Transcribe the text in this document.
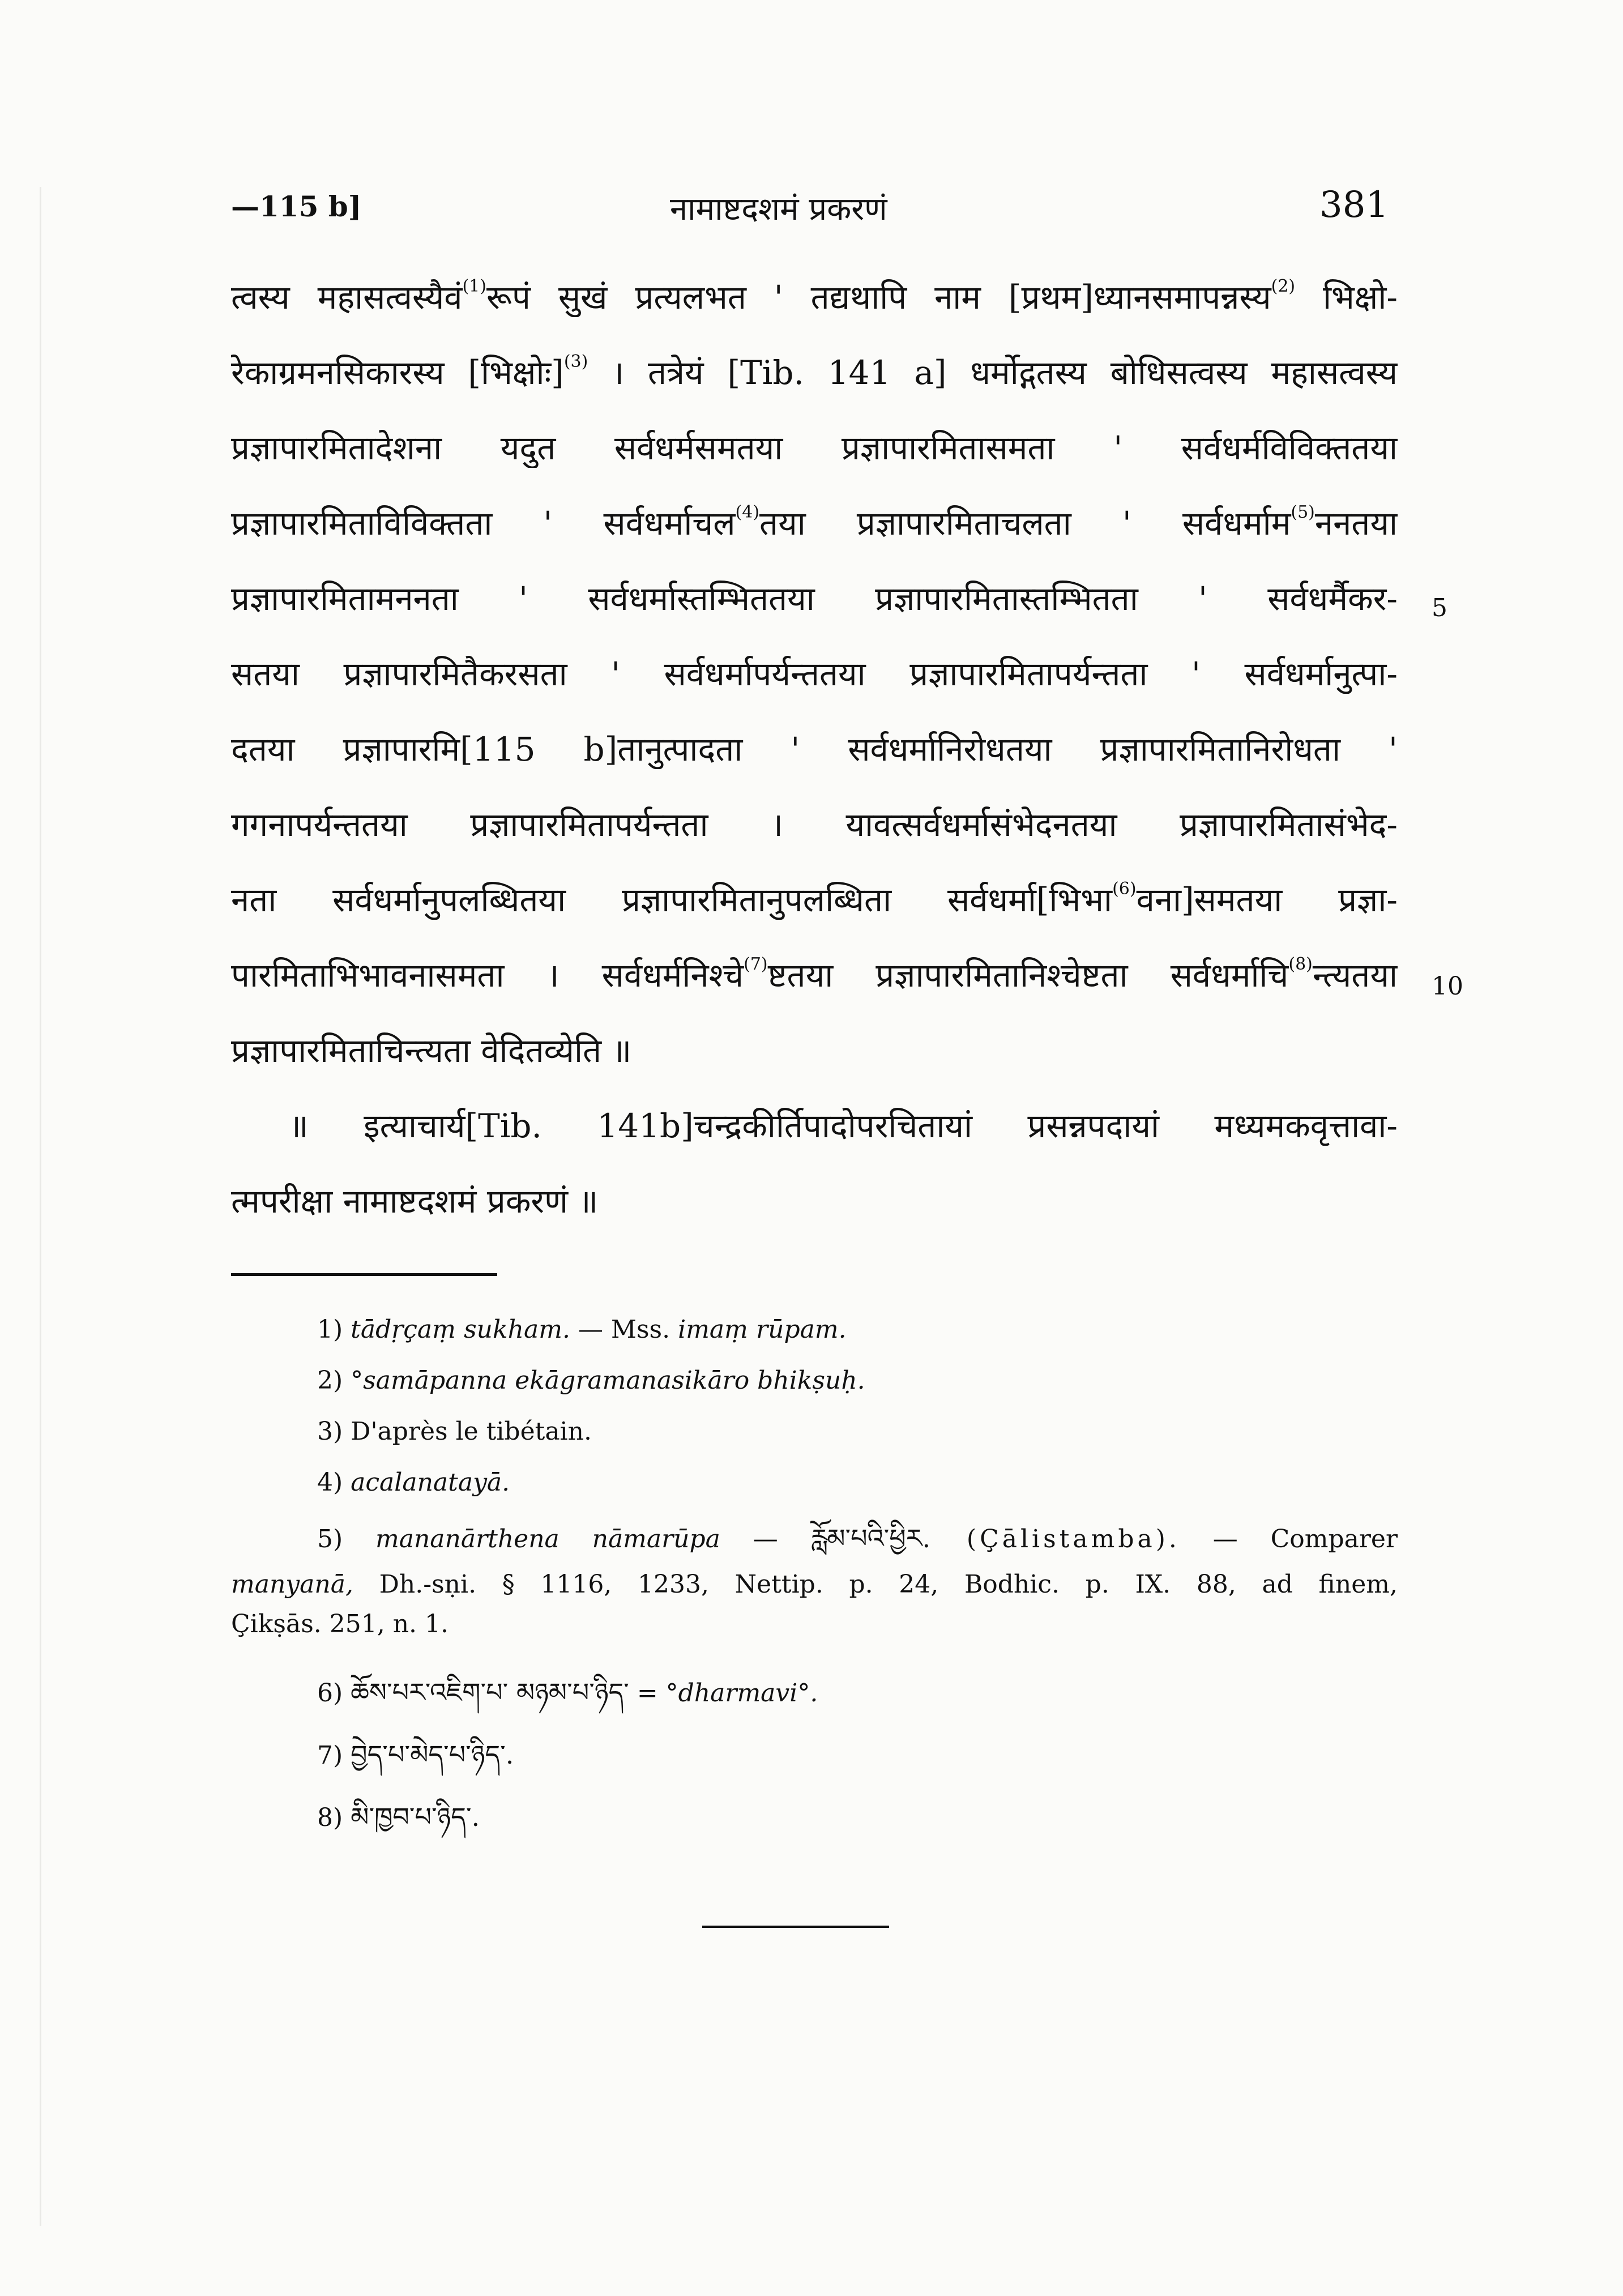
—115 b]	नामाष्टदशमं प्रकरणं	381
त्वस्य महासत्वस्यैवं$^{(1)}$रूपं सुखं प्रत्यलभत ' तद्यथापि नाम [प्रथम]ध्यानसमापन्नस्य$^{(2)}$ भिक्षो-
रेकाग्रमनसिकारस्य [भिक्षोः]$^{(3)}$ । तत्रेयं [Tib. 141 a] धर्मोद्गतस्य बोधिसत्वस्य महासत्वस्य
प्रज्ञापारमितादेशना यदुत सर्वधर्मसमतया प्रज्ञापारमितासमता ' सर्वधर्मविविक्ततया
प्रज्ञापारमिताविविक्तता ' सर्वधर्माचल$^{(4)}$तया प्रज्ञापारमिताचलता ' सर्वधर्माम$^{(5)}$ननतया
प्रज्ञापारमितामननता ' सर्वधर्मास्तम्भिततया प्रज्ञापारमितास्तम्भितता ' सर्वधर्मैकर- 5
सतया प्रज्ञापारमितैकरसता ' सर्वधर्मापर्यन्ततया प्रज्ञापारमितापर्यन्तता ' सर्वधर्मानुत्पा-
दतया प्रज्ञापारमि[115 b]तानुत्पादता ' सर्वधर्मानिरोधतया प्रज्ञापारमितानिरोधता '
गगनापर्यन्ततया प्रज्ञापारमितापर्यन्तता । यावत्सर्वधर्मासंभेदनतया प्रज्ञापारमितासंभेद-
नता सर्वधर्मानुपलब्धितया प्रज्ञापारमितानुपलब्धिता सर्वधर्मा[भिभा$^{(6)}$वना]समतया प्रज्ञा-
पारमिताभिभावनासमता । सर्वधर्मनिश्चे$^{(7)}$ष्टतया प्रज्ञापारमितानिश्चेष्टता सर्वधर्माचि$^{(8)}$न्त्यतया 10
प्रज्ञापारमिताचिन्त्यता वेदितव्येति ॥
॥ इत्याचार्य[Tib. 141b]चन्द्रकीर्तिपादोपरचितायां प्रसन्नपदायां मध्यमकवृत्तावा-
त्मपरीक्षा नामाष्टदशमं प्रकरणं ॥
1) tādṛçaṃ sukham. — Mss. imaṃ rūpam.
2) °samāpanna ekāgramanasikāro bhikṣuḥ.
3) D'après le tibétain.
4) acalanatayā.
5) mananārthena nāmarūpa — རློམ་པའི་ཕྱིར. (Çālistamba). — Comparer
manyanā, Dh.-sṇi. § 1116, 1233, Nettip. p. 24, Bodhic. p. IX. 88, ad finem,
Çikṣās. 251, n. 1.
6) ཆོས་པར་འཇིག་པ་ མཉམ་པ་ཉིད་ = °dharmavi°.
7) བྱེད་པ་མེད་པ་ཉིད་.
8) མི་ཁྱབ་པ་ཉིད་.
